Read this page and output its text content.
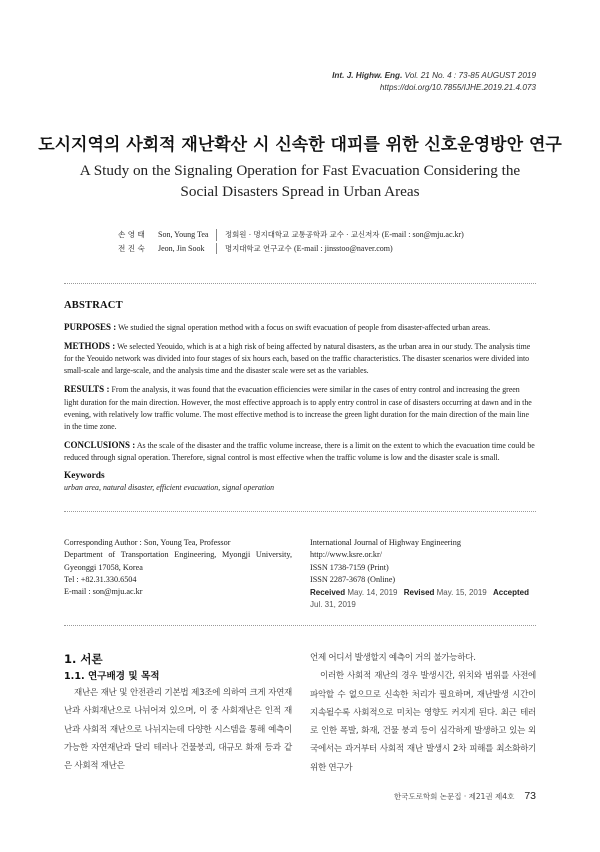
Int. J. Highw. Eng. Vol. 21 No. 4 : 73-85 AUGUST 2019
https://doi.org/10.7855/IJHE.2019.21.4.073
도시지역의 사회적 재난확산 시 신속한 대피를 위한 신호운영방안 연구
A Study on the Signaling Operation for Fast Evacuation Considering the
Social Disasters Spread in Urban Areas
손 영 태	Son, Young Tea	정회원 · 명지대학교 교통공학과 교수 · 교신저자 (E-mail : son@mju.ac.kr)
전 진 숙	Jeon, Jin Sook	명지대학교 연구교수 (E-mail : jinsstoo@naver.com)
ABSTRACT

PURPOSES : We studied the signal operation method with a focus on swift evacuation of people from disaster-affected urban areas.

METHODS : We selected Yeouido, which is at a high risk of being affected by natural disasters, as the urban area in our study. The analysis time for the Yeouido network was divided into four stages of six hours each, based on the traffic characteristics. The disaster scenarios were divided into small-scale and large-scale, and the analysis time and the disaster scale were set as the variables.

RESULTS : From the analysis, it was found that the evacuation efficiencies were similar in the cases of entry control and increasing the green light duration for the main direction. However, the most effective approach is to apply entry control in case of disasters occurring at dawn and in the evening, with relatively low traffic volume. The most effective method is to increase the green light duration for the main direction of the main line in the time zone.

CONCLUSIONS : As the scale of the disaster and the traffic volume increase, there is a limit on the extent to which the evacuation time could be reduced through signal operation. Therefore, signal control is most effective when the traffic volume is low and the disaster scale is small.

Keywords
urban area, natural disaster, efficient evacuation, signal operation
Corresponding Author : Son, Young Tea, Professor
Department of Transportation Engineering, Myongji University, Gyeonggi 17058, Korea
Tel : +82.31.330.6504
E-mail : son@mju.ac.kr
International Journal of Highway Engineering
http://www.ksre.or.kr/
ISSN 1738-7159 (Print)
ISSN 2287-3678 (Online)
Received May. 14, 2019 Revised May. 15, 2019 Accepted Jul. 31, 2019
1. 서론
1.1. 연구배경 및 목적

재난은 재난 및 안전관리 기본법 제3조에 의하여 크게 자연재난과 사회재난으로 나뉘어져 있으며, 이 중 사회재난은 인적 재난과 사회적 재난으로 나뉘지는데 다양한 시스템을 통해 예측이 가능한 자연재난과 달리 테러나 건물붕괴, 대규모 화재 등과 같은 사회적 재난은

언제 어디서 발생할지 예측이 거의 불가능하다.

이러한 사회적 재난의 경우 발생시간, 위치와 범위를 사전에 파악할 수 없으므로 신속한 처리가 필요하며, 재난발생 시간이 지속될수록 사회적으로 미치는 영향도 커지게 된다. 최근 테러로 인한 폭발, 화재, 건물 붕괴 등이 심각하게 발생하고 있는 외국에서는 과거부터 사회적 재난 발생시 2차 피해를 최소화하기 위한 연구가

한국도로학회 논문집 · 제21권 제4호 73
